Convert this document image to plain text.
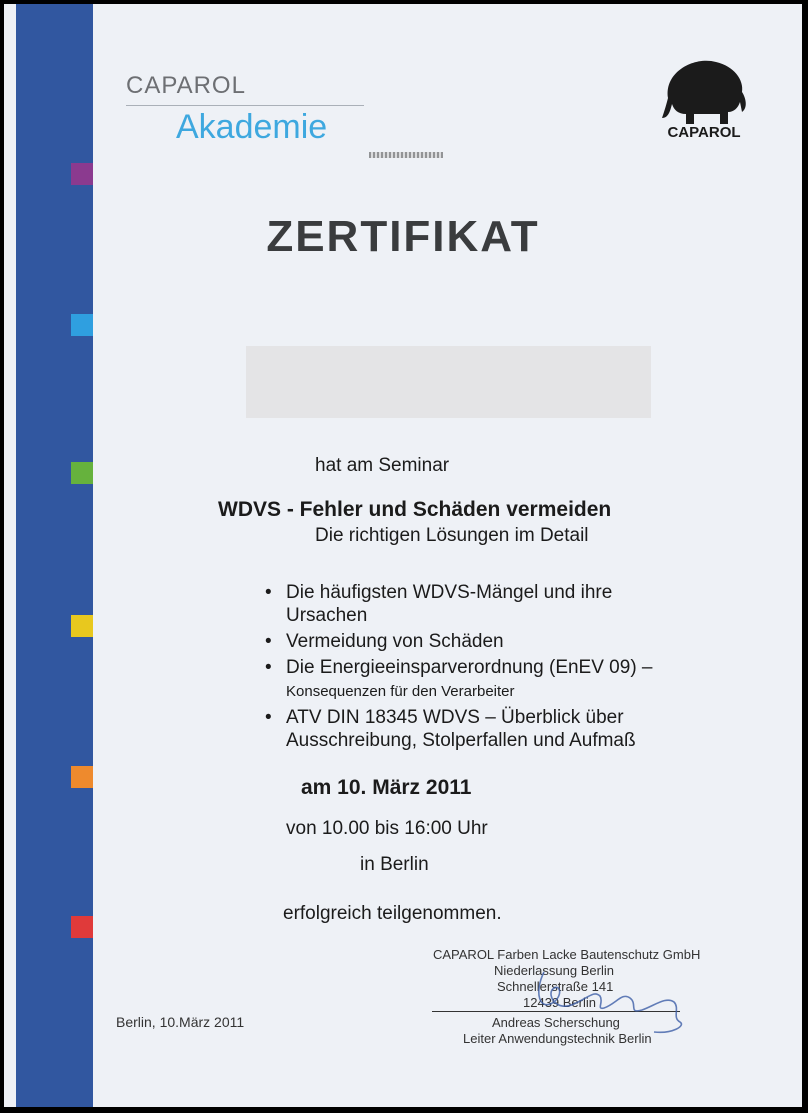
CAPAROL
Akademie	CAPAROL
ZERTIFIKAT
hat am Seminar
WDVS - Fehler und Schäden vermeiden
Die richtigen Lösungen im Detail
• Die häufigsten WDVS-Mängel und ihre
Ursachen
• Vermeidung von Schäden
• Die Energieeinsparverordnung (EnEV 09) –
Konsequenzen für den Verarbeiter
• ATV DIN 18345 WDVS – Überblick über
Ausschreibung, Stolperfallen und Aufmaß
am 10. März 2011
von 10.00 bis 16:00 Uhr
in Berlin
erfolgreich teilgenommen.
Berlin, 10.März 2011
CAPAROL Farben Lacke Bautenschutz GmbH
Niederlassung Berlin
Schnellerstraße 141
12439 Berlin
Andreas Scherschung
Leiter Anwendungstechnik Berlin
